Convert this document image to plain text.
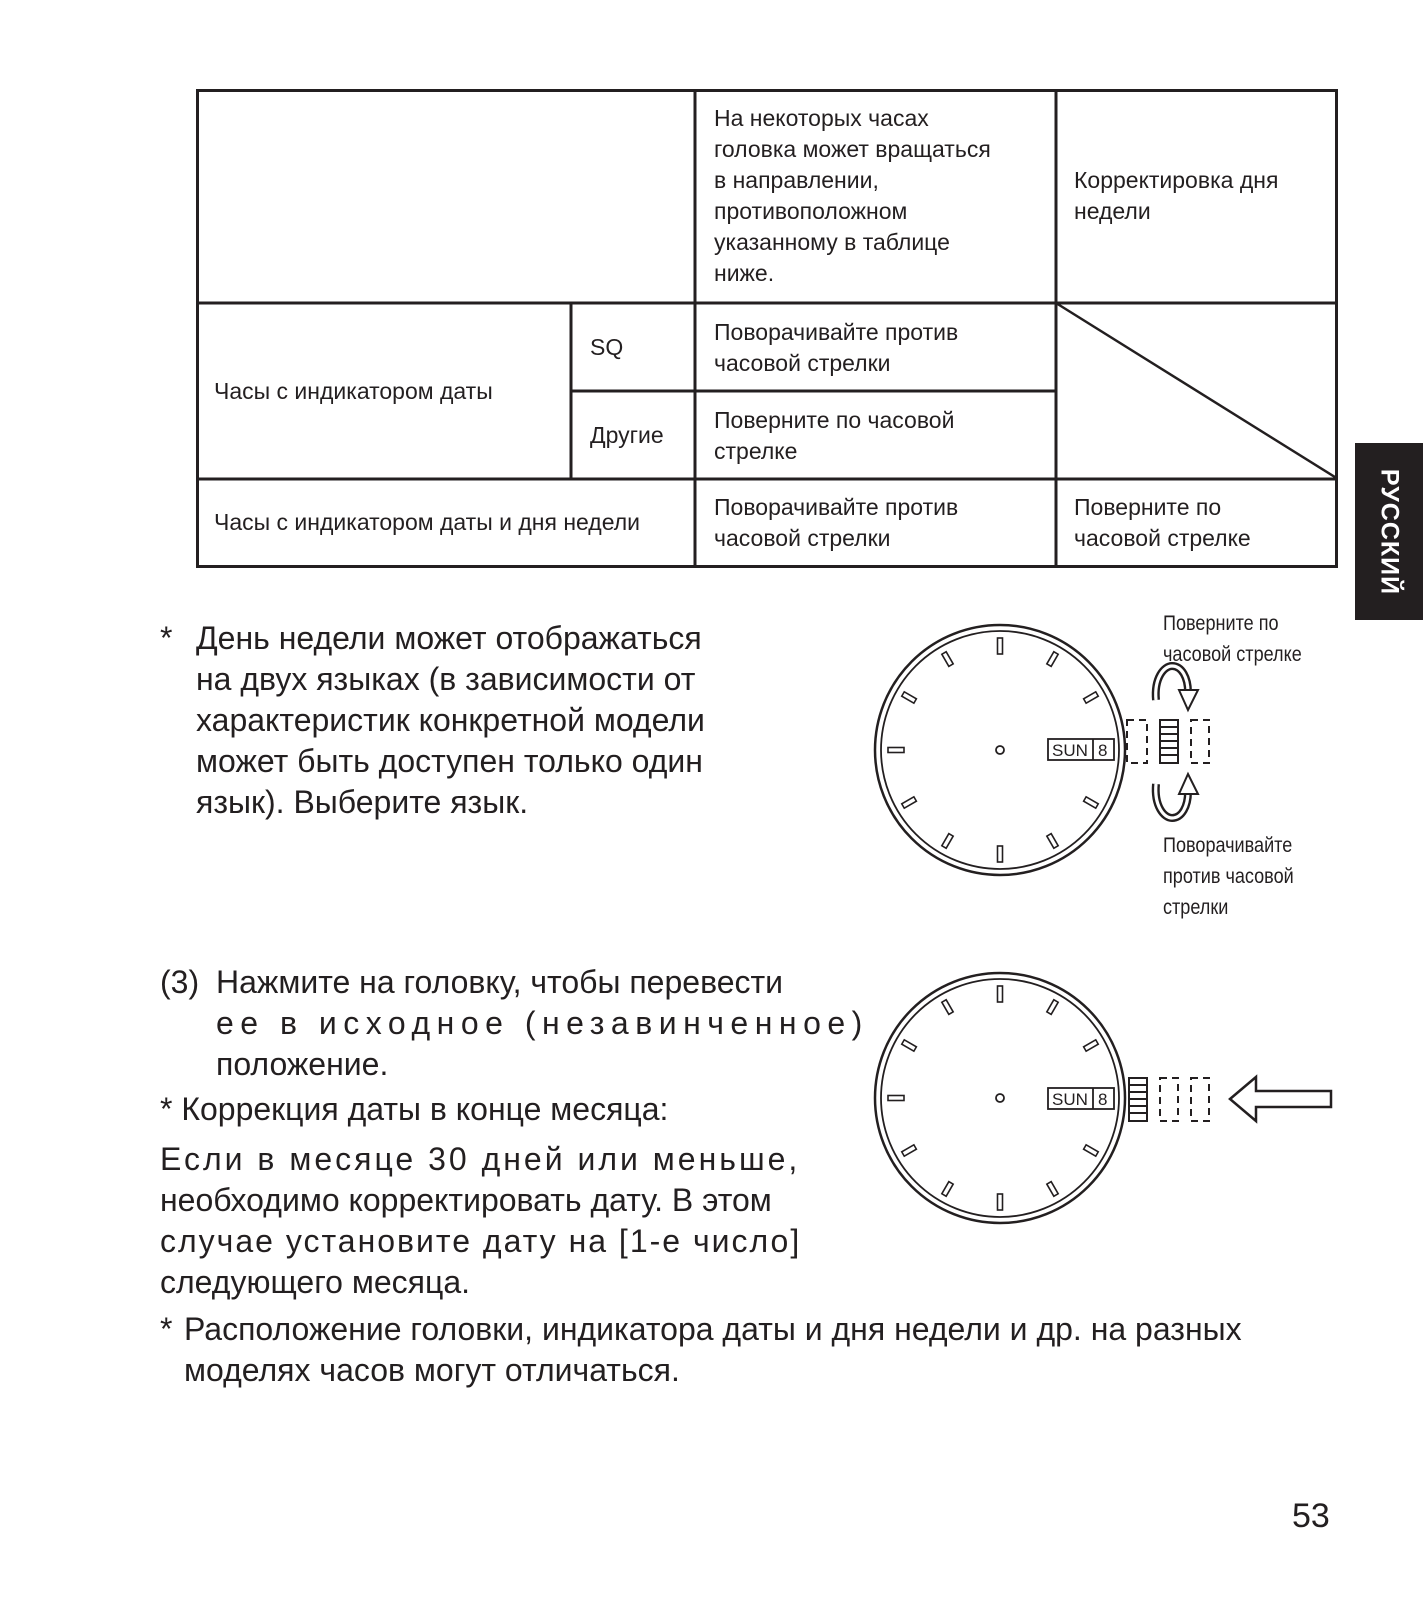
На некоторых часах
головка может вращаться
в направлении,
противоположном
указанному в таблице
ниже.
Корректировка дня
недели
Часы с индикатором даты
SQ
Поворачивайте против
часовой стрелки
Другие
Поверните по часовой
стрелке
Часы с индикатором даты и дня недели
Поворачивайте против
часовой стрелки
Поверните по
часовой стрелке	РУССКИЙ
* День недели может отображаться
на двух языках (в зависимости от
характеристик конкретной модели
может быть доступен только один
язык). Выберите язык.
Поверните по
часовой стрелке
Поворачивайте
против часовой
стрелки
SUN 8
(3) Нажмите на головку, чтобы перевести
ее в исходное (незавинченное)
положение.
* Коррекция даты в конце месяца:
Если в месяце 30 дней или меньше,
необходимо корректировать дату. В этом
случае установите дату на [1-е число]
следующего месяца.
SUN 8
* Расположение головки, индикатора даты и дня недели и др. на разных
моделях часов могут отличаться.
53
